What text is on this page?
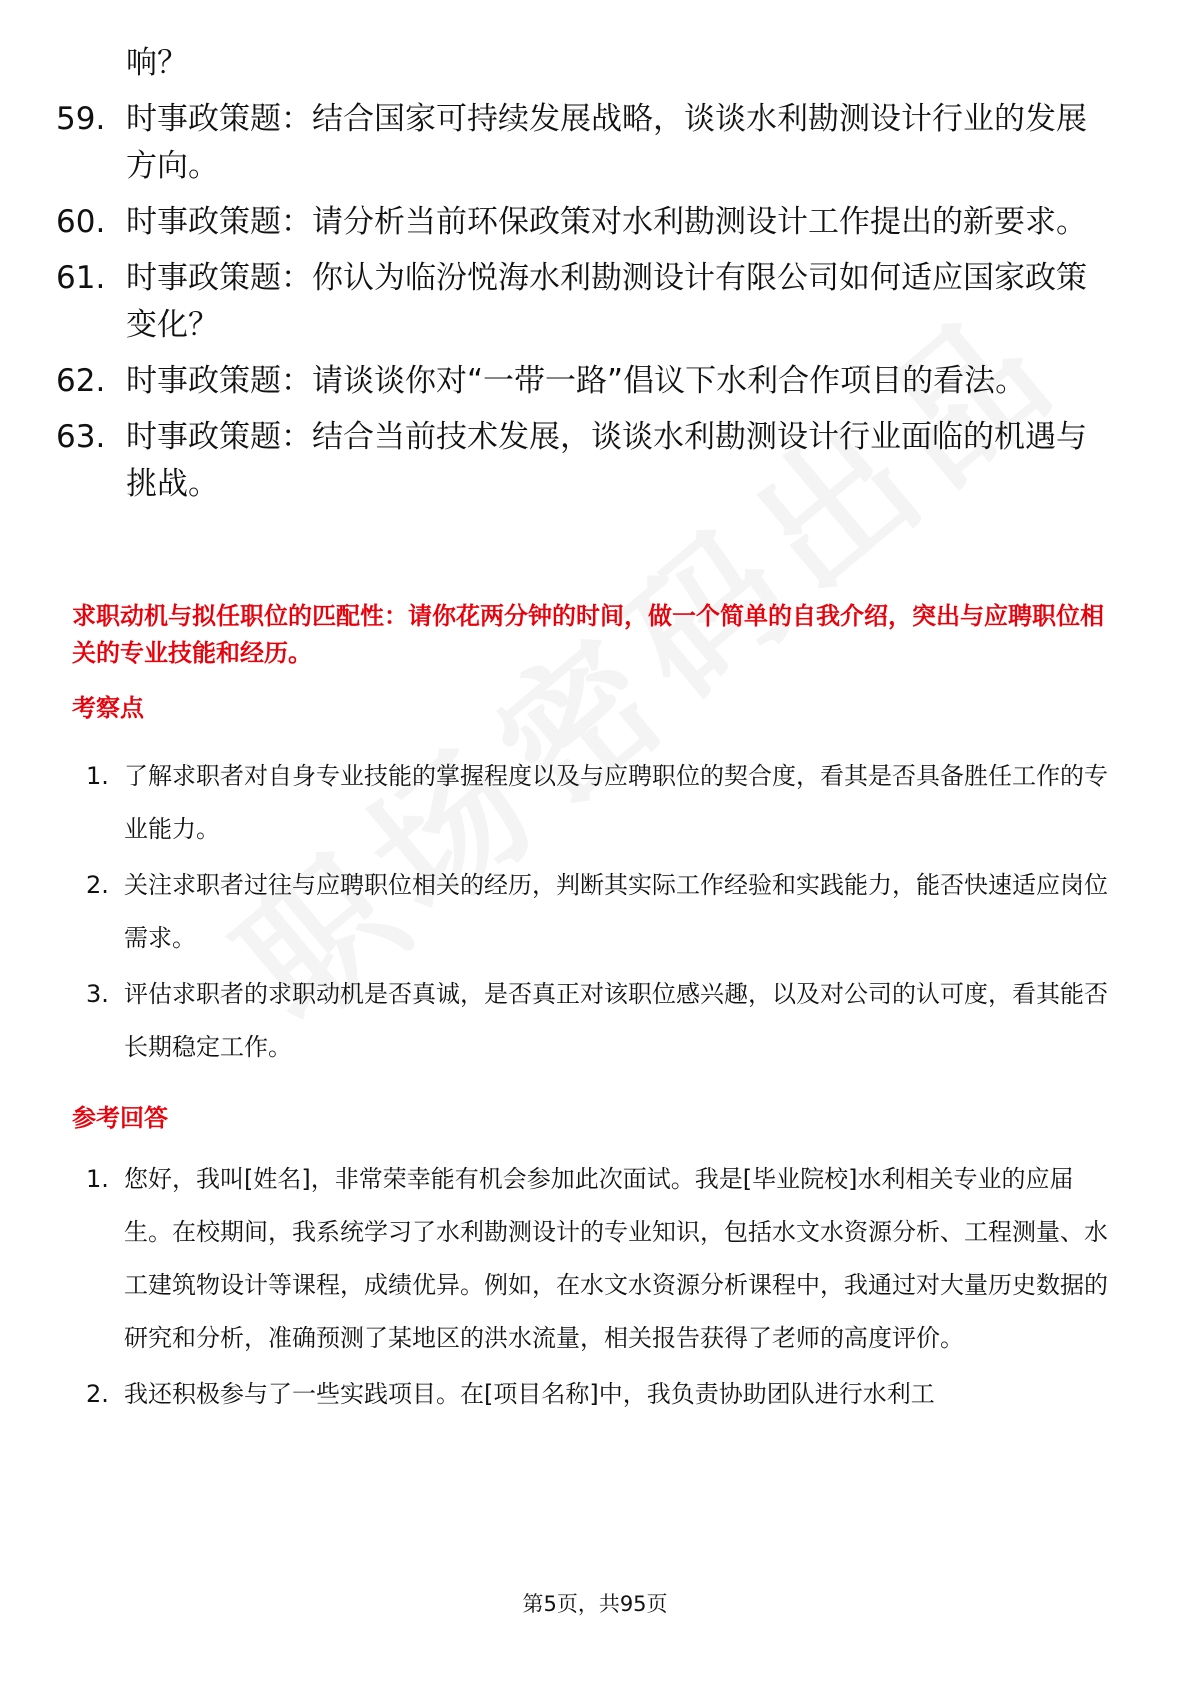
响？
59. 时事政策题：结合国家可持续发展战略，谈谈水利勘测设计行业的发展方向。
60. 时事政策题：请分析当前环保政策对水利勘测设计工作提出的新要求。
61. 时事政策题：你认为临汾悦海水利勘测设计有限公司如何适应国家政策变化？
62. 时事政策题：请谈谈你对“一带一路”倡议下水利合作项目的看法。
63. 时事政策题：结合当前技术发展，谈谈水利勘测设计行业面临的机遇与挑战。
求职动机与拟任职位的匹配性：请你花两分钟的时间，做一个简单的自我介绍，突出与应聘职位相关的专业技能和经历。
考察点
1. 了解求职者对自身专业技能的掌握程度以及与应聘职位的契合度，看其是否具备胜任工作的专业能力。
2. 关注求职者过往与应聘职位相关的经历，判断其实际工作经验和实践能力，能否快速适应岗位需求。
3. 评估求职者的求职动机是否真诚，是否真正对该职位感兴趣，以及对公司的认可度，看其能否长期稳定工作。
参考回答
1. 您好，我叫[姓名]，非常荣幸能有机会参加此次面试。我是[毕业院校]水利相关专业的应届生。在校期间，我系统学习了水利勘测设计的专业知识，包括水文水资源分析、工程测量、水工建筑物设计等课程，成绩优异。例如，在水文水资源分析课程中，我通过对大量历史数据的研究和分析，准确预测了某地区的洪水流量，相关报告获得了老师的高度评价。
2. 我还积极参与了一些实践项目。在[项目名称]中，我负责协助团队进行水利工
第5页，共95页
